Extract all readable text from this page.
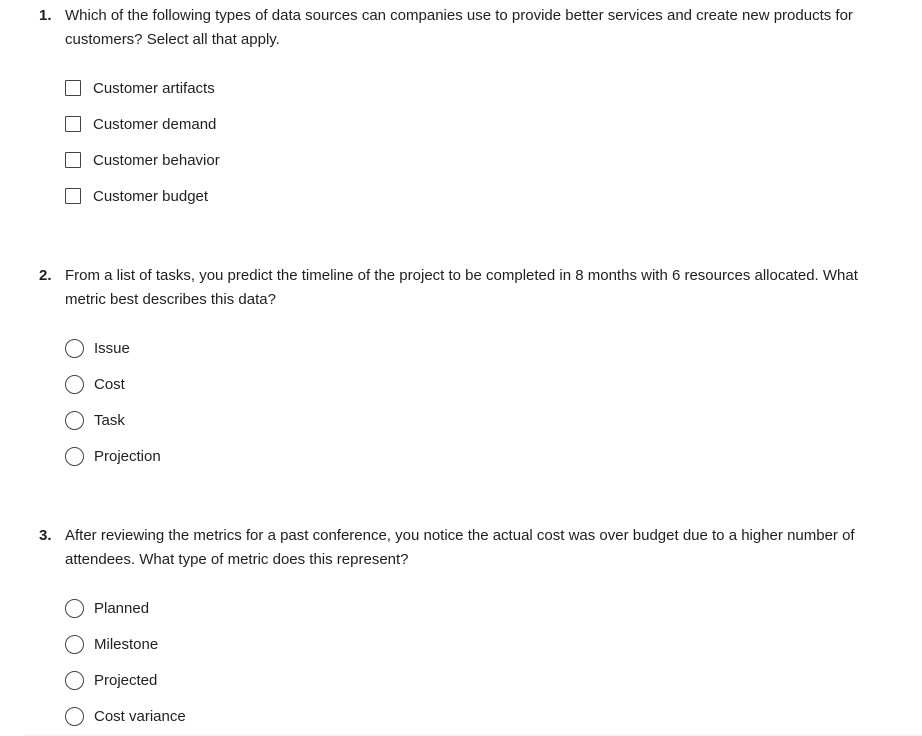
1. Which of the following types of data sources can companies use to provide better services and create new products for customers? Select all that apply.
Customer artifacts
Customer demand
Customer behavior
Customer budget
2. From a list of tasks, you predict the timeline of the project to be completed in 8 months with 6 resources allocated. What metric best describes this data?
Issue
Cost
Task
Projection
3. After reviewing the metrics for a past conference, you notice the actual cost was over budget due to a higher number of attendees. What type of metric does this represent?
Planned
Milestone
Projected
Cost variance
